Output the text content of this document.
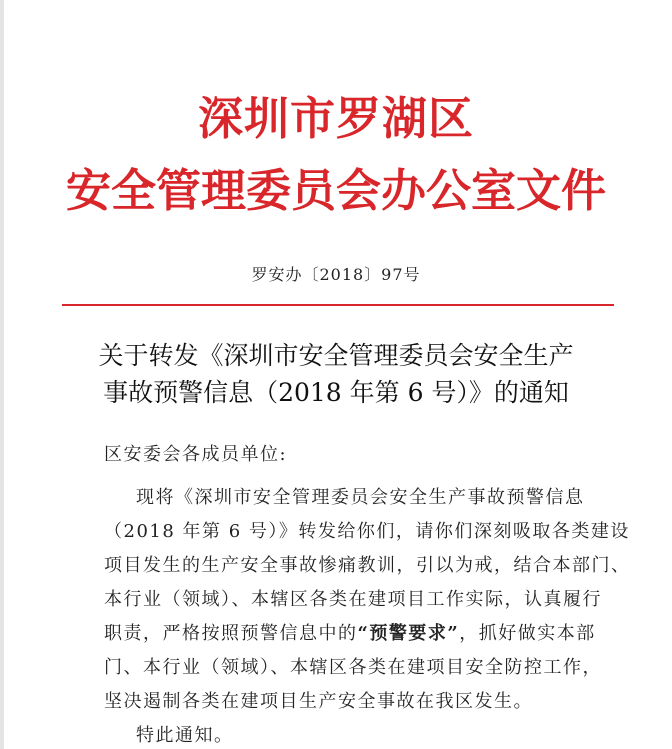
深圳市罗湖区
安全管理委员会办公室文件
罗安办〔2018〕97号
关于转发《深圳市安全管理委员会安全生产
事故预警信息（2018 年第 6 号）》的通知
区安委会各成员单位:
现将《深圳市安全管理委员会安全生产事故预警信息
（2018 年第 6 号）》转发给你们，请你们深刻吸取各类建设
项目发生的生产安全事故惨痛教训，引以为戒，结合本部门、
本行业（领域）、本辖区各类在建项目工作实际，认真履行
职责，严格按照预警信息中的“预警要求”，抓好做实本部
门、本行业（领域）、本辖区各类在建项目安全防控工作，
坚决遏制各类在建项目生产安全事故在我区发生。
特此通知。
